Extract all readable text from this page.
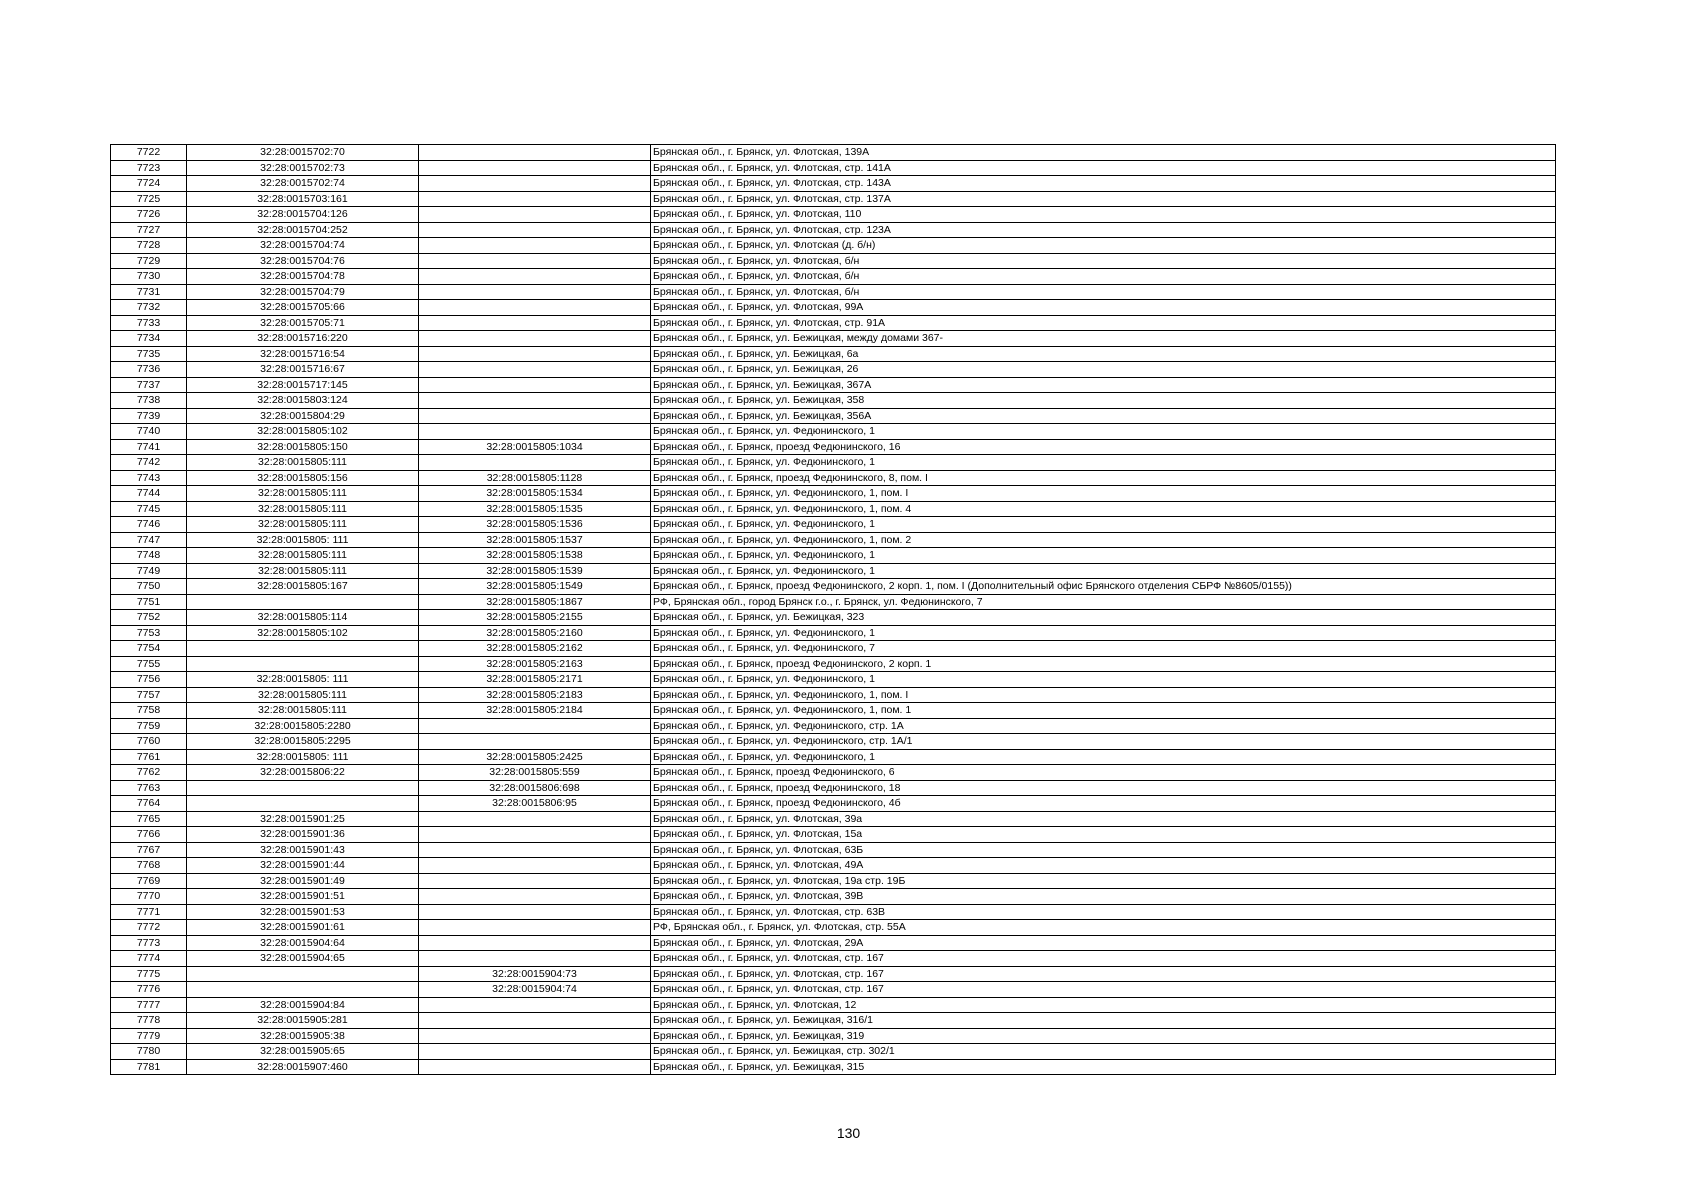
7722	32:28:0015702:70		Брянская обл., г. Брянск, ул. Флотская, 139А
7723	32:28:0015702:73		Брянская обл., г. Брянск, ул. Флотская, стр. 141А
7724	32:28:0015702:74		Брянская обл., г. Брянск, ул. Флотская, стр. 143А
7725	32:28:0015703:161		Брянская обл., г. Брянск, ул. Флотская, стр. 137А
7726	32:28:0015704:126		Брянская обл., г. Брянск, ул. Флотская, 110
7727	32:28:0015704:252		Брянская обл., г. Брянск, ул. Флотская, стр. 123А
7728	32:28:0015704:74		Брянская обл., г. Брянск, ул. Флотская (д. б/н)
7729	32:28:0015704:76		Брянская обл., г. Брянск, ул. Флотская, б/н
7730	32:28:0015704:78		Брянская обл., г. Брянск, ул. Флотская, б/н
7731	32:28:0015704:79		Брянская обл., г. Брянск, ул. Флотская, б/н
7732	32:28:0015705:66		Брянская обл., г. Брянск, ул. Флотская, 99А
7733	32:28:0015705:71		Брянская обл., г. Брянск, ул. Флотская, стр. 91А
7734	32:28:0015716:220		Брянская обл., г. Брянск, ул. Бежицкая, между домами 367-
7735	32:28:0015716:54		Брянская обл., г. Брянск, ул. Бежицкая, 6а
7736	32:28:0015716:67		Брянская обл., г. Брянск, ул. Бежицкая, 26
7737	32:28:0015717:145		Брянская обл., г. Брянск, ул. Бежицкая, 367А
7738	32:28:0015803:124		Брянская обл., г. Брянск, ул. Бежицкая, 358
7739	32:28:0015804:29		Брянская обл., г. Брянск, ул. Бежицкая, 356А
7740	32:28:0015805:102		Брянская обл., г. Брянск, ул. Федюнинского, 1
7741	32:28:0015805:150	32:28:0015805:1034	Брянская обл., г. Брянск, проезд Федюнинского, 16
7742	32:28:0015805:111		Брянская обл., г. Брянск, ул. Федюнинского, 1
7743	32:28:0015805:156	32:28:0015805:1128	Брянская обл., г. Брянск, проезд Федюнинского, 8, пом. I
7744	32:28:0015805:111	32:28:0015805:1534	Брянская обл., г. Брянск, ул. Федюнинского, 1, пом. I
7745	32:28:0015805:111	32:28:0015805:1535	Брянская обл., г. Брянск, ул. Федюнинского, 1, пом. 4
7746	32:28:0015805:111	32:28:0015805:1536	Брянская обл., г. Брянск, ул. Федюнинского, 1
7747	32:28:0015805: 111	32:28:0015805:1537	Брянская обл., г. Брянск, ул. Федюнинского, 1, пом. 2
7748	32:28:0015805:111	32:28:0015805:1538	Брянская обл., г. Брянск, ул. Федюнинского, 1
7749	32:28:0015805:111	32:28:0015805:1539	Брянская обл., г. Брянск, ул. Федюнинского, 1
7750	32:28:0015805:167	32:28:0015805:1549	Брянская обл., г. Брянск, проезд Федюнинского, 2 корп. 1, пом. I (Дополнительный офис Брянского отделения СБРФ №8605/0155))
7751		32:28:0015805:1867	РФ, Брянская обл., город Брянск г.о., г. Брянск, ул. Федюнинского, 7
7752	32:28:0015805:114	32:28:0015805:2155	Брянская обл., г. Брянск, ул. Бежицкая, 323
7753	32:28:0015805:102	32:28:0015805:2160	Брянская обл., г. Брянск, ул. Федюнинского, 1
7754		32:28:0015805:2162	Брянская обл., г. Брянск, ул. Федюнинского, 7
7755		32:28:0015805:2163	Брянская обл., г. Брянск, проезд Федюнинского, 2 корп. 1
7756	32:28:0015805: 111	32:28:0015805:2171	Брянская обл., г. Брянск, ул. Федюнинского, 1
7757	32:28:0015805:111	32:28:0015805:2183	Брянская обл., г. Брянск, ул. Федюнинского, 1, пом. I
7758	32:28:0015805:111	32:28:0015805:2184	Брянская обл., г. Брянск, ул. Федюнинского, 1, пом. 1
7759	32:28:0015805:2280		Брянская обл., г. Брянск, ул. Федюнинского, стр. 1А
7760	32:28:0015805:2295		Брянская обл., г. Брянск, ул. Федюнинского, стр. 1А/1
7761	32:28:0015805: 111	32:28:0015805:2425	Брянская обл., г. Брянск, ул. Федюнинского, 1
7762	32:28:0015806:22	32:28:0015805:559	Брянская обл., г. Брянск, проезд Федюнинского, 6
7763		32:28:0015806:698	Брянская обл., г. Брянск, проезд Федюнинского, 18
7764		32:28:0015806:95	Брянская обл., г. Брянск, проезд Федюнинского, 4б
7765	32:28:0015901:25		Брянская обл., г. Брянск, ул. Флотская, 39а
7766	32:28:0015901:36		Брянская обл., г. Брянск, ул. Флотская, 15а
7767	32:28:0015901:43		Брянская обл., г. Брянск, ул. Флотская, 63Б
7768	32:28:0015901:44		Брянская обл., г. Брянск, ул. Флотская, 49А
7769	32:28:0015901:49		Брянская обл., г. Брянск, ул. Флотская, 19а стр. 19Б
7770	32:28:0015901:51		Брянская обл., г. Брянск, ул. Флотская, 39В
7771	32:28:0015901:53		Брянская обл., г. Брянск, ул. Флотская, стр. 63В
7772	32:28:0015901:61		РФ, Брянская обл., г. Брянск, ул. Флотская, стр. 55А
7773	32:28:0015904:64		Брянская обл., г. Брянск, ул. Флотская, 29А
7774	32:28:0015904:65		Брянская обл., г. Брянск, ул. Флотская, стр. 167
7775		32:28:0015904:73	Брянская обл., г. Брянск, ул. Флотская, стр. 167
7776		32:28:0015904:74	Брянская обл., г. Брянск, ул. Флотская, стр. 167
7777	32:28:0015904:84		Брянская обл., г. Брянск, ул. Флотская, 12
7778	32:28:0015905:281		Брянская обл., г. Брянск, ул. Бежицкая, 316/1
7779	32:28:0015905:38		Брянская обл., г. Брянск, ул. Бежицкая, 319
7780	32:28:0015905:65		Брянская обл., г. Брянск, ул. Бежицкая, стр. 302/1
7781	32:28:0015907:460		Брянская обл., г. Брянск, ул. Бежицкая, 315
130
